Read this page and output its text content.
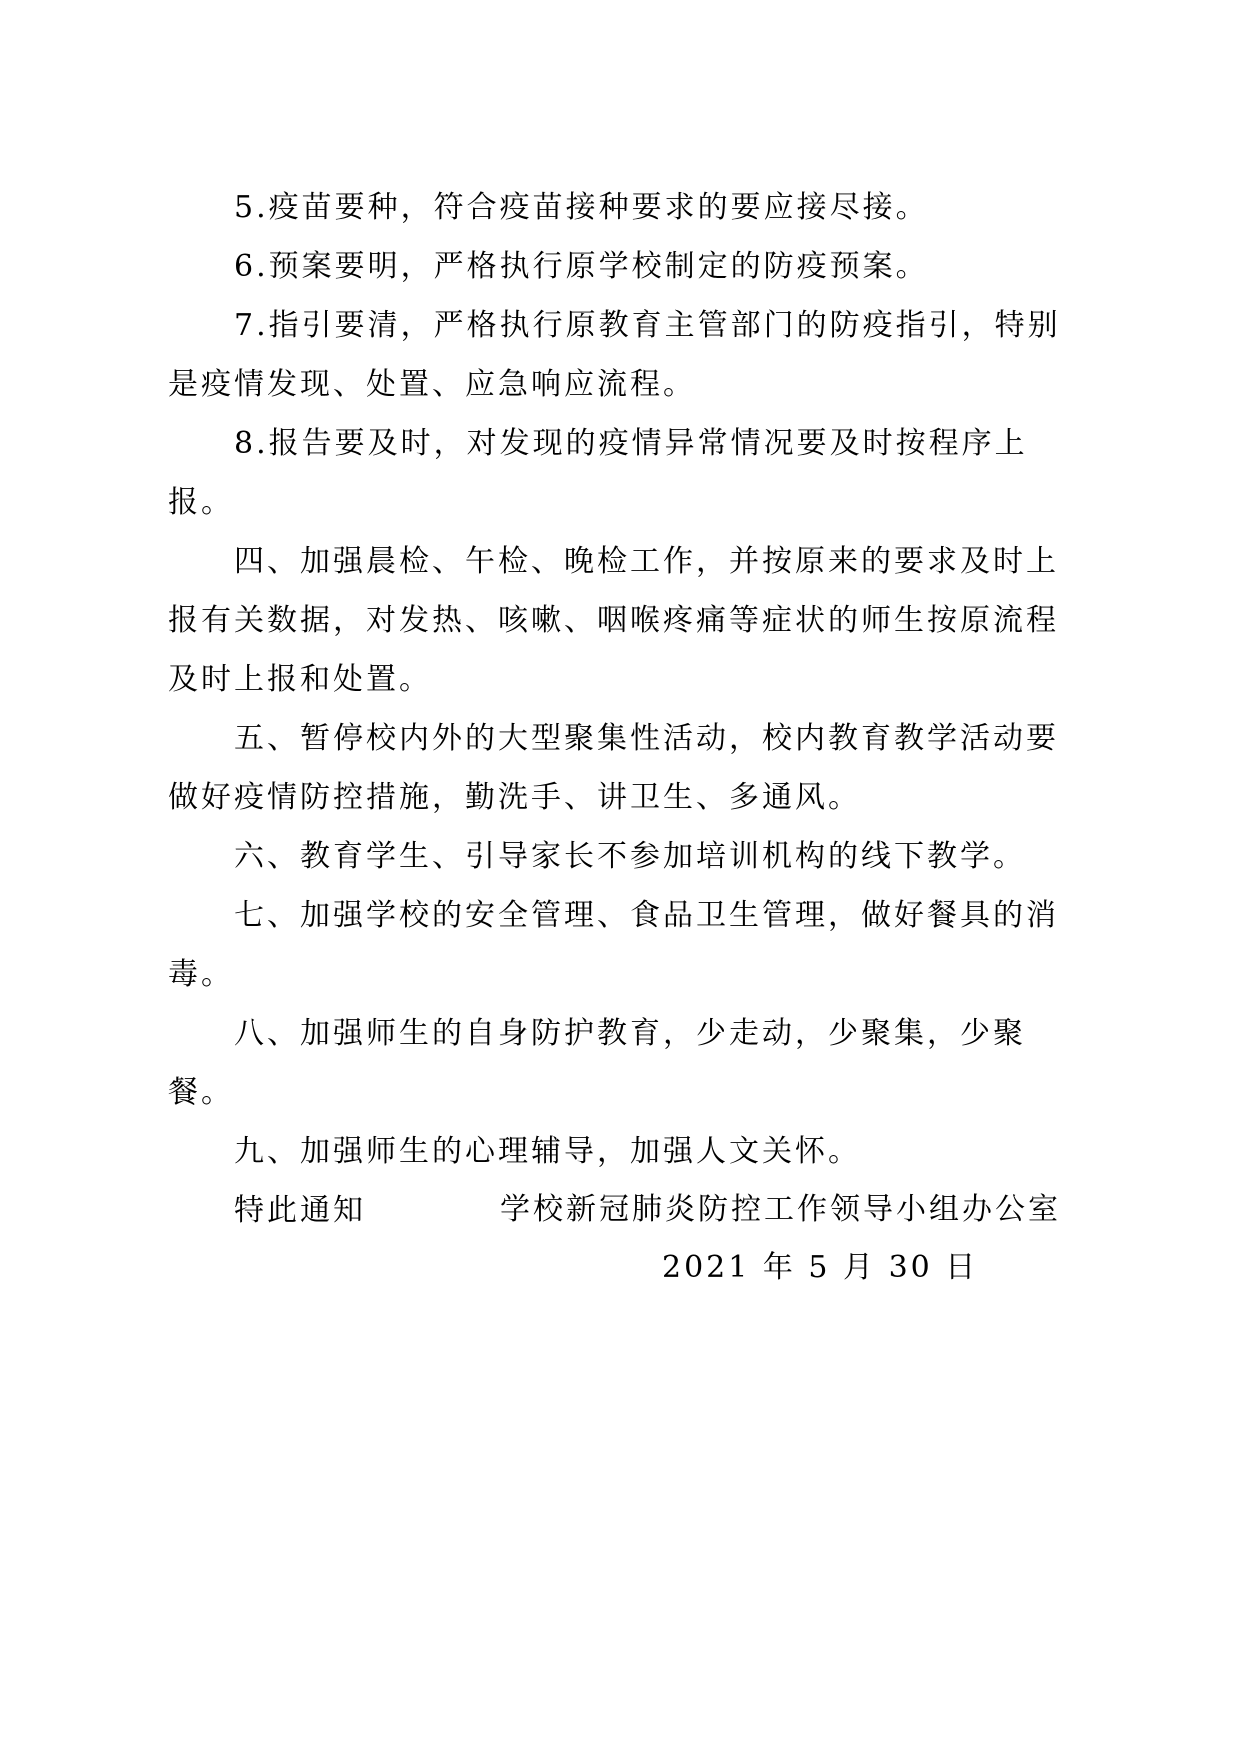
5.疫苗要种，符合疫苗接种要求的要应接尽接。

6.预案要明，严格执行原学校制定的防疫预案。

7.指引要清，严格执行原教育主管部门的防疫指引，特别是疫情发现、处置、应急响应流程。

8.报告要及时，对发现的疫情异常情况要及时按程序上报。

四、加强晨检、午检、晚检工作，并按原来的要求及时上报有关数据，对发热、咳嗽、咽喉疼痛等症状的师生按原流程及时上报和处置。

五、暂停校内外的大型聚集性活动，校内教育教学活动要做好疫情防控措施，勤洗手、讲卫生、多通风。

六、教育学生、引导家长不参加培训机构的线下教学。

七、加强学校的安全管理、食品卫生管理，做好餐具的消毒。

八、加强师生的自身防护教育，少走动，少聚集，少聚餐。

九、加强师生的心理辅导，加强人文关怀。

特此通知	学校新冠肺炎防控工作领导小组办公室
2021 年 5 月 30 日
